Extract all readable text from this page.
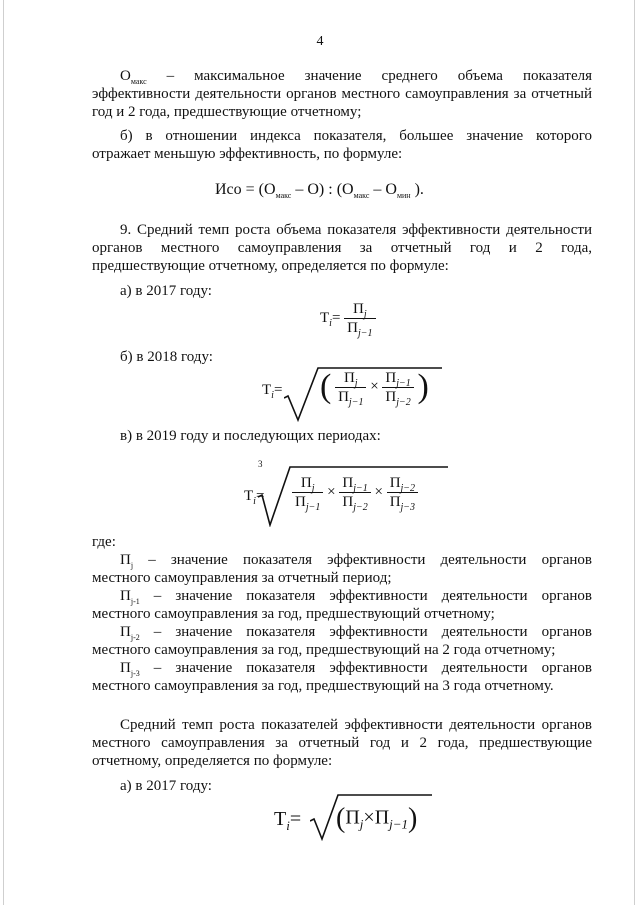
4
$О_{макс}$ – максимальное значение среднего объема показателя
эффективности деятельности органов местного самоуправления за отчетный
год и 2 года, предшествующие отчетному;
б) в отношении индекса показателя, большее значение которого
отражает меньшую эффективность, по формуле:
Исо = $(О_{макс} - О)$ : ($О_{макс} - О_{мин}$ ).
9. Средний темп роста объема показателя эффективности деятельности
органов местного самоуправления за отчетный год и 2 года,
предшествующие отчетному, определяется по формуле:
а) в 2017 году:
$Т_i= \frac{П_j}{П_{j-1}}$
б) в 2018 году:
$Т_i=$ ( $\frac{П_j}{П_{j-1}} \times \frac{П_{j-1}}{П_{j-2}}$ )
в) в 2019 году и последующих периодах:
$Т_i=$
3
$\frac{П_j}{П_{j-1}} \times \frac{П_{j-1}}{П_{j-2}} \times \frac{П_{j-2}}{П_{j-3}}$
где:
$П_j$ – значение показателя эффективности деятельности органов
местного самоуправления за отчетный период;
$П_{j-1}$ – значение показателя эффективности деятельности органов
местного самоуправления за год, предшествующий отчетному;
$П_{j-2}$ – значение показателя эффективности деятельности органов
местного самоуправления за год, предшествующий на 2 года отчетному;
$П_{j-3}$ – значение показателя эффективности деятельности органов
местного самоуправления за год, предшествующий на 3 года отчетному.
Средний темп роста показателей эффективности деятельности органов
местного самоуправления за отчетный год и 2 года, предшествующие
отчетному, определяется по формуле:
а) в 2017 году:
$Т_i= (П_j\times П_{j-1})$
